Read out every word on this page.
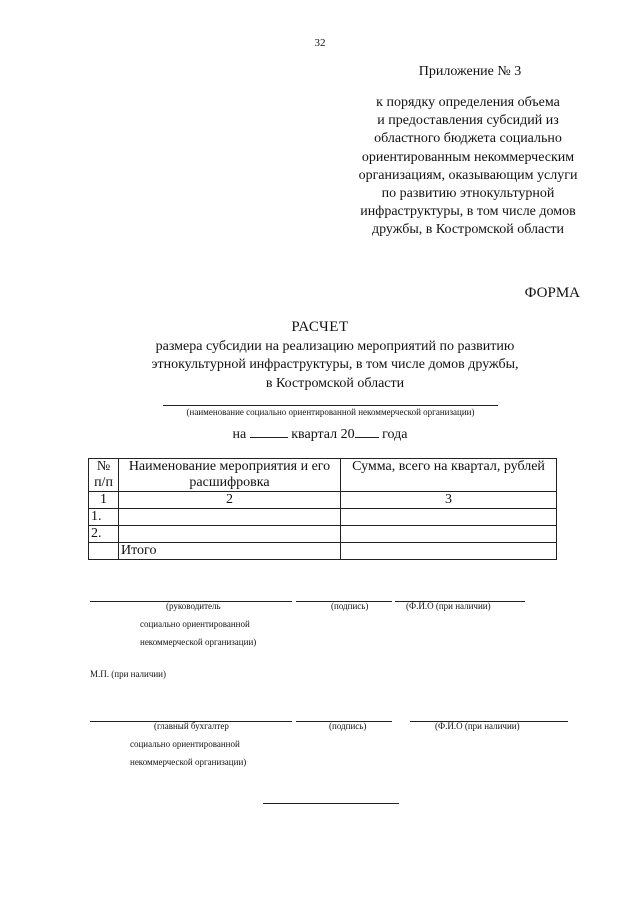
32
Приложение № 3
к порядку определения объема
и предоставления субсидий из
областного бюджета социально
ориентированным некоммерческим
организациям, оказывающим услуги
по развитию этнокультурной
инфраструктуры, в том числе домов
дружбы, в Костромской области
ФОРМА
РАСЧЕТ
размера субсидии на реализацию мероприятий по развитию
этнокультурной инфраструктуры, в том числе домов дружбы,
в Костромской области
(наименование социально ориентированной некоммерческой организации)
на	квартал 20 года
№ п/п	Наименование мероприятия и его расшифровка	Сумма, всего на квартал, рублей
1	2	3
1.		
2.		
	Итого	
(руководитель
социально ориентированной
некоммерческой организации)
(подпись)	(Ф.И.О (при наличии)
М.П. (при наличии)
(главный бухгалтер
социально ориентированной
некоммерческой организации)
(подпись)	(Ф.И.О (при наличии)
